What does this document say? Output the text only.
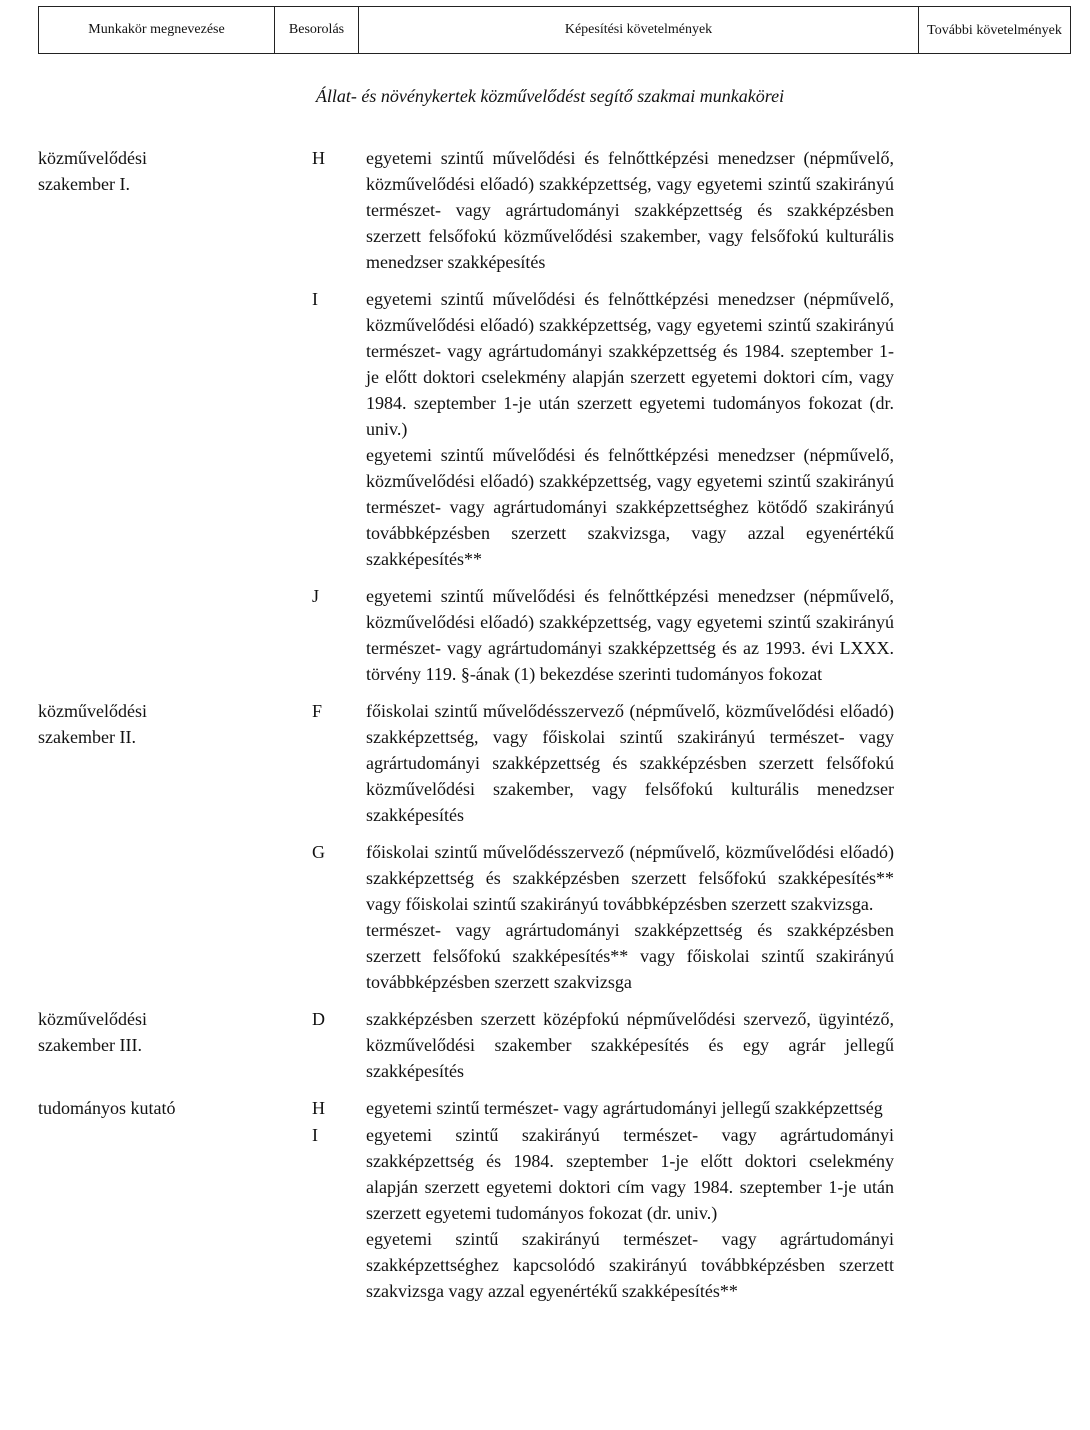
Munkakör megnevezése	Besorolás	Képesítési követelmények	További követelmények
Állat- és növénykertek közművelődést segítő szakmai munkakörei
közművelődési
szakember I.
H	egyetemi szintű művelődési és felnőttképzési menedzser (népművelő, közművelődési előadó) szakképzettség, vagy egyetemi szintű szakirányú természet- vagy agrártudományi szakképzettség és szakképzésben szerzett felsőfokú közművelődési szakember, vagy felsőfokú kulturális menedzser szakképesítés

I	egyetemi szintű művelődési és felnőttképzési menedzser (népművelő, közművelődési előadó) szakképzettség, vagy egyetemi szintű szakirányú természet- vagy agrártudományi szakképzettség és 1984. szeptember 1-je előtt doktori cselekmény alapján szerzett egyetemi doktori cím, vagy 1984. szeptember 1-je után szerzett egyetemi tudományos fokozat (dr. univ.)

egyetemi szintű művelődési és felnőttképzési menedzser (népművelő, közművelődési előadó) szakképzettség, vagy egyetemi szintű szakirányú természet- vagy agrártudományi szakképzettséghez kötődő szakirányú továbbképzésben szerzett szakvizsga, vagy azzal egyenértékű szakképesítés**

J	egyetemi szintű művelődési és felnőttképzési menedzser (népművelő, közművelődési előadó) szakképzettség, vagy egyetemi szintű szakirányú természet- vagy agrártudományi szakképzettség és az 1993. évi LXXX. törvény 119. §-ának (1) bekezdése szerinti tudományos fokozat

közművelődési
szakember II.
F	főiskolai szintű művelődésszervező (népművelő, közművelődési előadó) szakképzettség, vagy főiskolai szintű szakirányú természet- vagy agrártudományi szakképzettség és szakképzésben szerzett felsőfokú közművelődési szakember, vagy felsőfokú kulturális menedzser szakképesítés

G	főiskolai szintű művelődésszervező (népművelő, közművelődési előadó) szakképzettség és szakképzésben szerzett felsőfokú szakképesítés** vagy főiskolai szintű szakirányú továbbképzésben szerzett szakvizsga.

természet- vagy agrártudományi szakképzettség és szakképzésben szerzett felsőfokú szakképesítés** vagy főiskolai szintű szakirányú továbbképzésben szerzett szakvizsga

közművelődési
szakember III.
D	szakképzésben szerzett középfokú népművelődési szervező, ügyintéző, közművelődési szakember szakképesítés és egy agrár jellegű szakképesítés

tudományos kutató	H	egyetemi szintű természet- vagy agrártudományi jellegű szakképzettség

I	egyetemi szintű szakirányú természet- vagy agrártudományi szakképzettség és 1984. szeptember 1-je előtt doktori cselekmény alapján szerzett egyetemi doktori cím vagy 1984. szeptember 1-je után szerzett egyetemi tudományos fokozat (dr. univ.)

egyetemi szintű szakirányú természet- vagy agrártudományi szakképzettséghez kapcsolódó szakirányú továbbképzésben szerzett szakvizsga vagy azzal egyenértékű szakképesítés**
